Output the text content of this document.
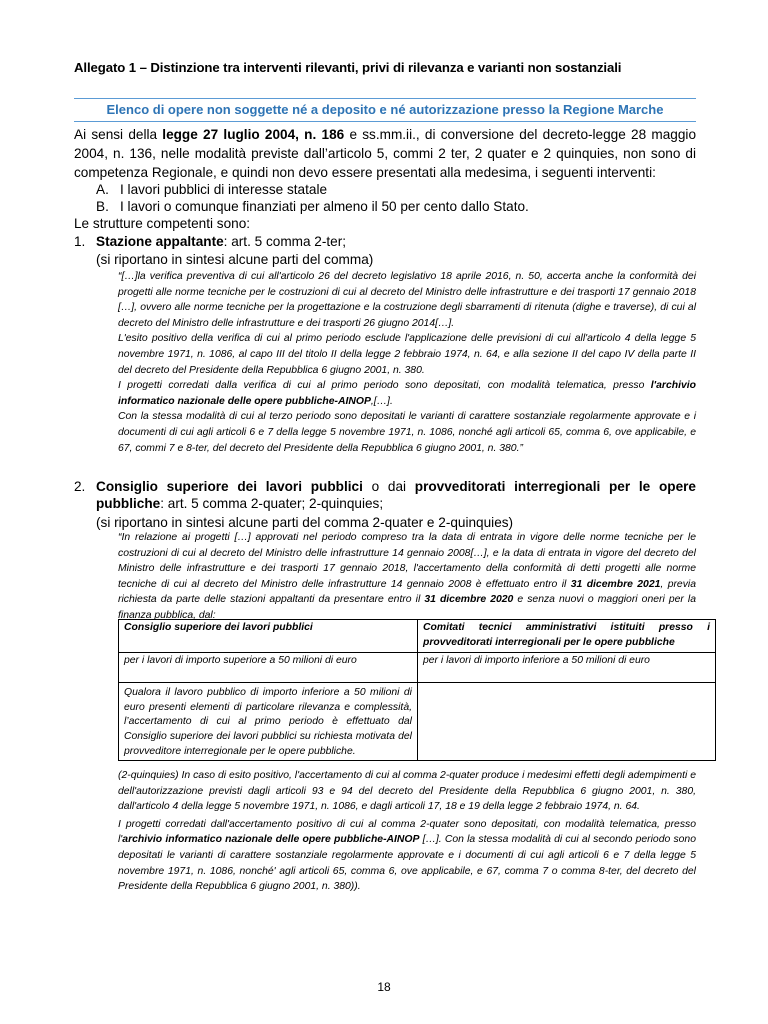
Allegato 1 – Distinzione tra interventi rilevanti, privi di rilevanza e varianti non sostanziali
Elenco di opere non soggette né a deposito e né autorizzazione presso la Regione Marche
Ai sensi della legge 27 luglio 2004, n. 186 e ss.mm.ii., di conversione del decreto-legge 28 maggio 2004, n. 136, nelle modalità previste dall’articolo 5, commi 2 ter, 2 quater e 2 quinquies, non sono di competenza Regionale, e quindi non devo essere presentati alla medesima, i seguenti interventi:
A. I lavori pubblici di interesse statale
B. I lavori o comunque finanziati per almeno il 50 per cento dallo Stato.
Le strutture competenti sono:
1. Stazione appaltante: art. 5 comma 2-ter;
(si riportano in sintesi alcune parti del comma)

“[…]la verifica preventiva di cui all'articolo 26 del decreto legislativo 18 aprile 2016, n. 50, accerta anche la conformità dei progetti alle norme tecniche per le costruzioni di cui al decreto del Ministro delle infrastrutture e dei trasporti 17 gennaio 2018 […], ovvero alle norme tecniche per la progettazione e la costruzione degli sbarramenti di ritenuta (dighe e traverse), di cui al decreto del Ministro delle infrastrutture e dei trasporti 26 giugno 2014[…].

L'esito positivo della verifica di cui al primo periodo esclude l'applicazione delle previsioni di cui all'articolo 4 della legge 5 novembre 1971, n. 1086, al capo III del titolo II della legge 2 febbraio 1974, n. 64, e alla sezione II del capo IV della parte II del decreto del Presidente della Repubblica 6 giugno 2001, n. 380.

I progetti corredati dalla verifica di cui al primo periodo sono depositati, con modalità telematica, presso l'archivio informatico nazionale delle opere pubbliche-AINOP,[…].

Con la stessa modalità di cui al terzo periodo sono depositati le varianti di carattere sostanziale regolarmente approvate e i documenti di cui agli articoli 6 e 7 della legge 5 novembre 1971, n. 1086, nonché agli articoli 65, comma 6, ove applicabile, e 67, commi 7 e 8-ter, del decreto del Presidente della Repubblica 6 giugno 2001, n. 380.”

2. Consiglio superiore dei lavori pubblici o dai provveditorati interregionali per le opere pubbliche: art. 5 comma 2-quater; 2-quinquies;
(si riportano in sintesi alcune parti del comma 2-quater e 2-quinquies)

“In relazione ai progetti […] approvati nel periodo compreso tra la data di entrata in vigore delle norme tecniche per le costruzioni di cui al decreto del Ministro delle infrastrutture 14 gennaio 2008[…], e la data di entrata in vigore del decreto del Ministro delle infrastrutture e dei trasporti 17 gennaio 2018, l'accertamento della conformità di detti progetti alle norme tecniche di cui al decreto del Ministro delle infrastrutture 14 gennaio 2008 è effettuato entro il 31 dicembre 2021, previa richiesta da parte delle stazioni appaltanti da presentare entro il 31 dicembre 2020 e senza nuovi o maggiori oneri per la finanza pubblica, dal:

Consiglio superiore dei lavori pubblici	Comitati tecnici amministrativi istituiti presso i provveditorati interregionali per le opere pubbliche
per i lavori di importo superiore a 50 milioni di euro	per i lavori di importo inferiore a 50 milioni di euro
Qualora il lavoro pubblico di importo inferiore a 50 milioni di euro presenti elementi di particolare rilevanza e complessità, l’accertamento di cui al primo periodo è effettuato dal Consiglio superiore dei lavori pubblici su richiesta motivata del provveditore interregionale per le opere pubbliche.	

(2-quinquies) In caso di esito positivo, l'accertamento di cui al comma 2-quater produce i medesimi effetti degli adempimenti e dell'autorizzazione previsti dagli articoli 93 e 94 del decreto del Presidente della Repubblica 6 giugno 2001, n. 380, dall'articolo 4 della legge 5 novembre 1971, n. 1086, e dagli articoli 17, 18 e 19 della legge 2 febbraio 1974, n. 64.

I progetti corredati dall'accertamento positivo di cui al comma 2-quater sono depositati, con modalità telematica, presso l'archivio informatico nazionale delle opere pubbliche-AINOP […]. Con la stessa modalità di cui al secondo periodo sono depositati le varianti di carattere sostanziale regolarmente approvate e i documenti di cui agli articoli 6 e 7 della legge 5 novembre 1971, n. 1086, nonché' agli articoli 65, comma 6, ove applicabile, e 67, comma 7 o comma 8-ter, del decreto del Presidente della Repubblica 6 giugno 2001, n. 380)).

18
